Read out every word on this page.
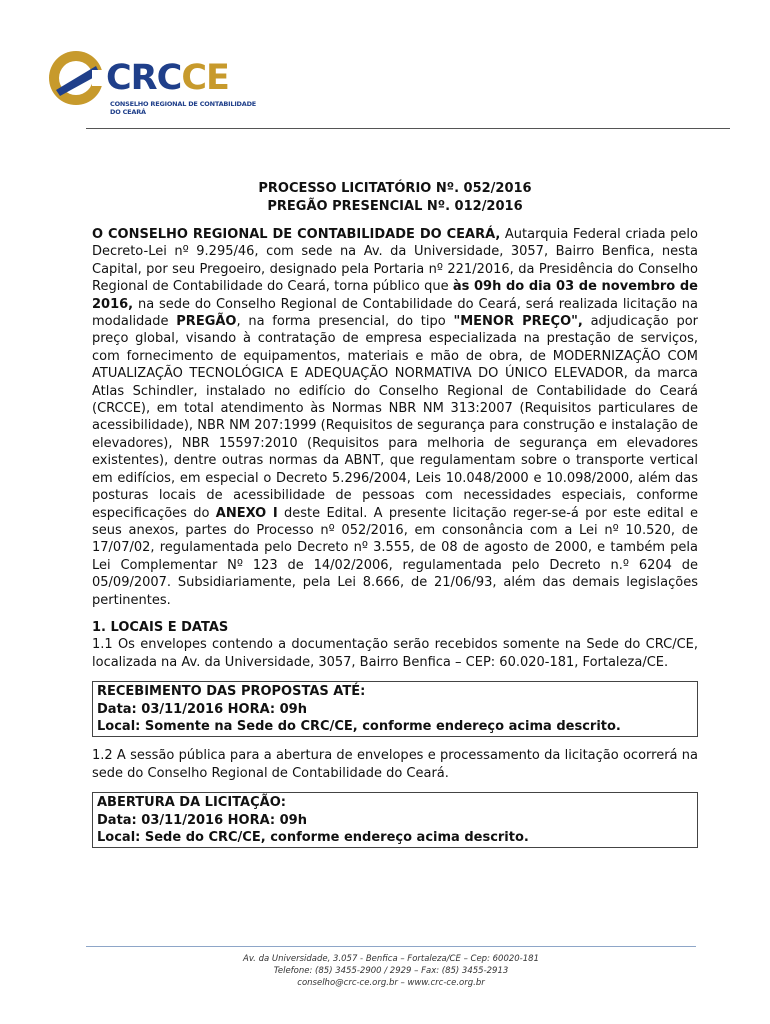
CRCCE
CONSELHO REGIONAL DE CONTABILIDADE
DO CEARÁ

PROCESSO LICITATÓRIO Nº. 052/2016

PREGÃO PRESENCIAL Nº. 012/2016

O CONSELHO REGIONAL DE CONTABILIDADE DO CEARÁ, Autarquia Federal criada pelo Decreto-Lei nº 9.295/46, com sede na Av. da Universidade, 3057, Bairro Benfica, nesta Capital, por seu Pregoeiro, designado pela Portaria nº 221/2016, da Presidência do Conselho Regional de Contabilidade do Ceará, torna público que às 09h do dia 03 de novembro de 2016, na sede do Conselho Regional de Contabilidade do Ceará, será realizada licitação na modalidade PREGÃO, na forma presencial, do tipo "MENOR PREÇO", adjudicação por preço global, visando à contratação de empresa especializada na prestação de serviços, com fornecimento de equipamentos, materiais e mão de obra, de MODERNIZAÇÃO COM ATUALIZAÇÃO TECNOLÓGICA E ADEQUAÇÃO NORMATIVA DO ÚNICO ELEVADOR, da marca Atlas Schindler, instalado no edifício do Conselho Regional de Contabilidade do Ceará (CRCCE), em total atendimento às Normas NBR NM 313:2007 (Requisitos particulares de acessibilidade), NBR NM 207:1999 (Requisitos de segurança para construção e instalação de elevadores), NBR 15597:2010 (Requisitos para melhoria de segurança em elevadores existentes), dentre outras normas da ABNT, que regulamentam sobre o transporte vertical em edifícios, em especial o Decreto 5.296/2004, Leis 10.048/2000 e 10.098/2000, além das posturas locais de acessibilidade de pessoas com necessidades especiais, conforme especificações do ANEXO I deste Edital. A presente licitação reger-se-á por este edital e seus anexos, partes do Processo nº 052/2016, em consonância com a Lei nº 10.520, de 17/07/02, regulamentada pelo Decreto nº 3.555, de 08 de agosto de 2000, e também pela Lei Complementar Nº 123 de 14/02/2006, regulamentada pelo Decreto n.º 6204 de 05/09/2007. Subsidiariamente, pela Lei 8.666, de 21/06/93, além das demais legislações pertinentes.

1. LOCAIS E DATAS

1.1 Os envelopes contendo a documentação serão recebidos somente na Sede do CRC/CE, localizada na Av. da Universidade, 3057, Bairro Benfica – CEP: 60.020-181, Fortaleza/CE.

RECEBIMENTO DAS PROPOSTAS ATÉ:
Data: 03/11/2016 HORA: 09h
Local: Somente na Sede do CRC/CE, conforme endereço acima descrito.

1.2 A sessão pública para a abertura de envelopes e processamento da licitação ocorrerá na sede do Conselho Regional de Contabilidade do Ceará.

ABERTURA DA LICITAÇÃO:
Data: 03/11/2016 HORA: 09h
Local: Sede do CRC/CE, conforme endereço acima descrito.
Av. da Universidade, 3.057 - Benfica – Fortaleza/CE – Cep: 60020-181
Telefone: (85) 3455-2900 / 2929 – Fax: (85) 3455-2913
conselho@crc-ce.org.br – www.crc-ce.org.br
